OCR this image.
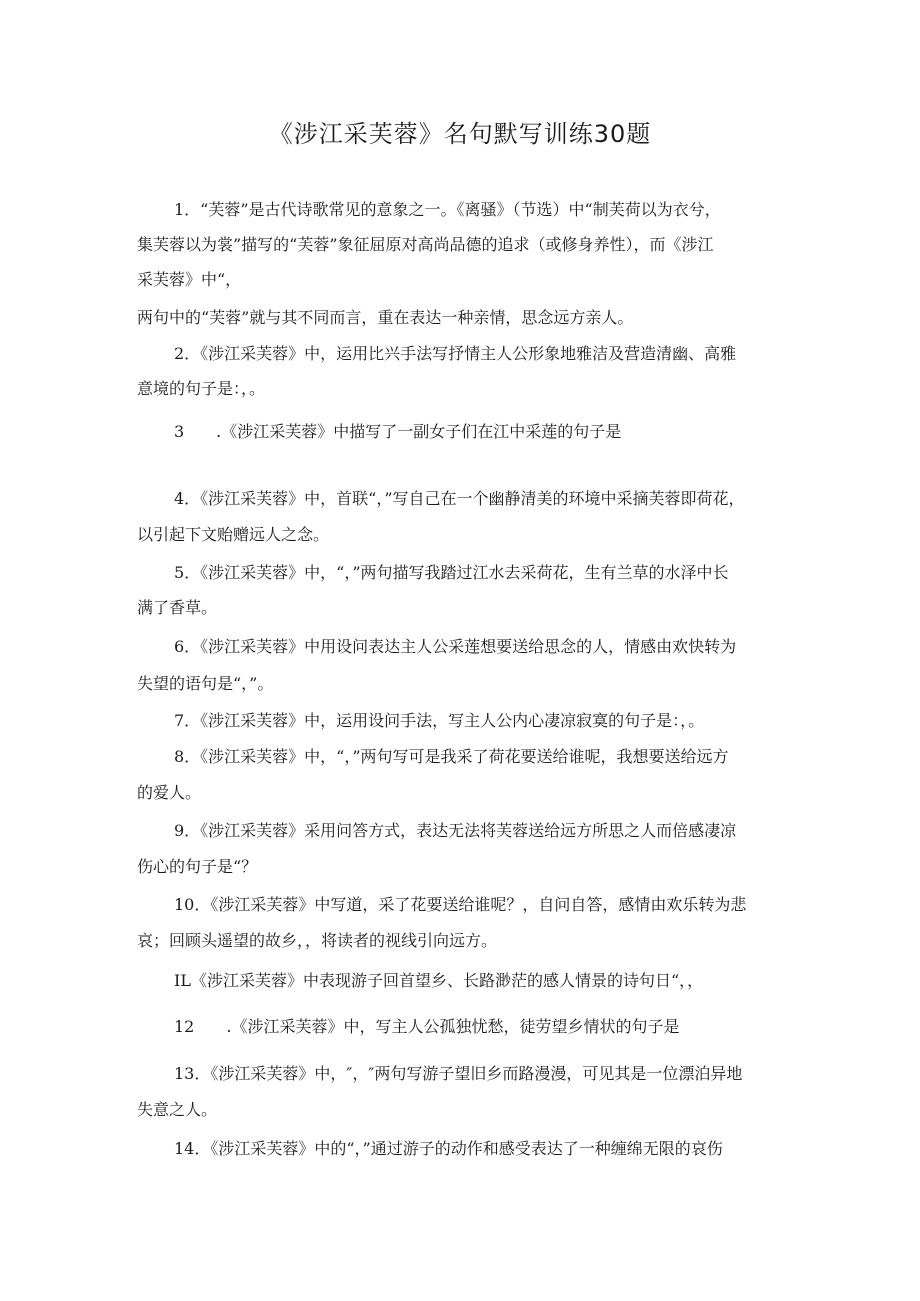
《涉江采芙蓉》名句默写训练30题
1．“芙蓉”是古代诗歌常见的意象之一。《离骚》（节选）中“制芙荷以为衣兮，
集芙蓉以为裳”描写的“芙蓉”象征屈原对高尚品德的追求（或修身养性），而《涉江
采芙蓉》中“，
两句中的“芙蓉”就与其不同而言，重在表达一种亲情，思念远方亲人。
2．《涉江采芙蓉》中，运用比兴手法写抒情主人公形象地雅洁及营造清幽、高雅
意境的句子是：，。
3　　.《涉江采芙蓉》中描写了一副女子们在江中采莲的句子是
4．《涉江采芙蓉》中，首联“，”写自己在一个幽静清美的环境中采摘芙蓉即荷花，
以引起下文贻赠远人之念。
5．《涉江采芙蓉》中，“，”两句描写我踏过江水去采荷花，生有兰草的水泽中长
满了香草。
6．《涉江采芙蓉》中用设问表达主人公采莲想要送给思念的人，情感由欢快转为
失望的语句是“，”。
7．《涉江采芙蓉》中，运用设问手法，写主人公内心凄凉寂寞的句子是：，。
8．《涉江采芙蓉》中，“，”两句写可是我采了荷花要送给谁呢，我想要送给远方
的爱人。
9．《涉江采芙蓉》采用问答方式，表达无法将芙蓉送给远方所思之人而倍感凄凉
伤心的句子是“？
10．《涉江采芙蓉》中写道，采了花要送给谁呢？，自问自答，感情由欢乐转为悲
哀；回顾头遥望的故乡，，将读者的视线引向远方。
IL《涉江采芙蓉》中表现游子回首望乡、长路渺茫的感人情景的诗句日“，，
12　　.《涉江采芙蓉》中，写主人公孤独忧愁，徒劳望乡情状的句子是
13．《涉江采芙蓉》中，″，″两句写游子望旧乡而路漫漫，可见其是一位漂泊异地
失意之人。
14．《涉江采芙蓉》中的“，”通过游子的动作和感受表达了一种缠绵无限的哀伤
